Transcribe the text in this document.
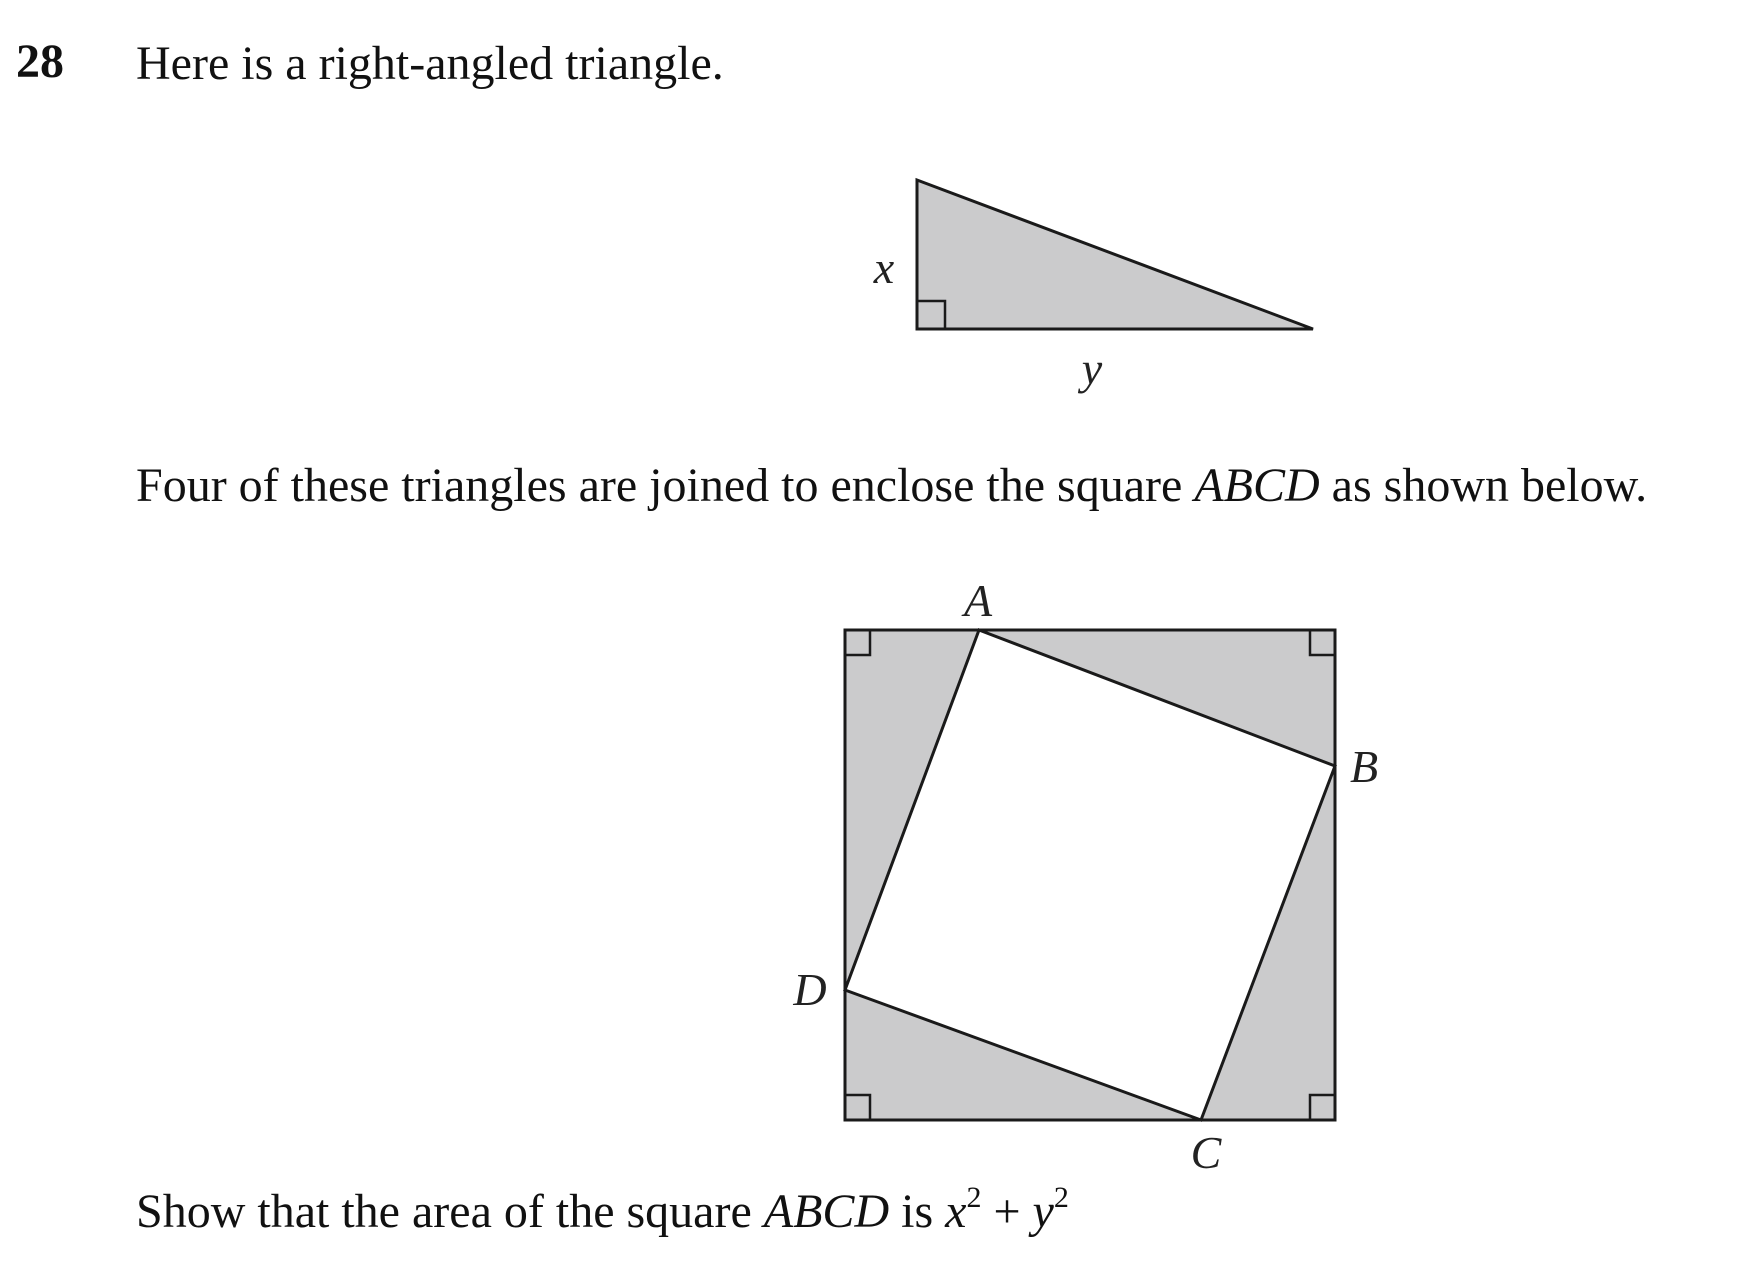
28 Here is a right-angled triangle.
Four of these triangles are joined to enclose the square ABCD as shown below.
Show that the area of the square ABCD is $x^2 + y^2$
x
y
A
B
C
D
